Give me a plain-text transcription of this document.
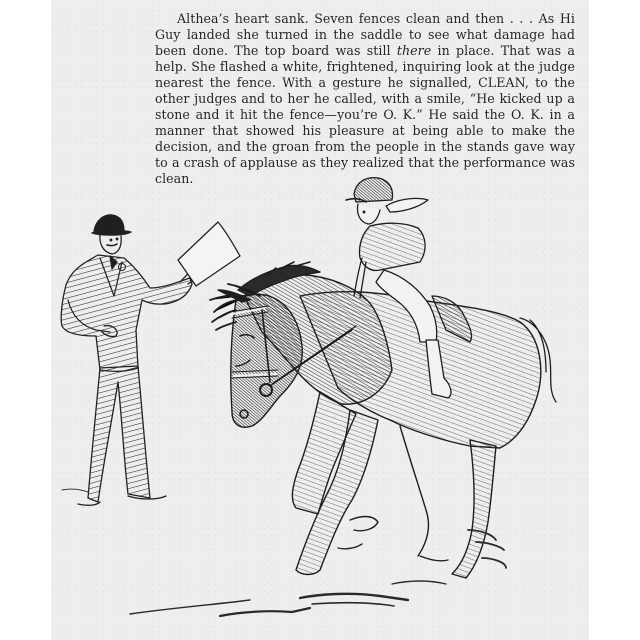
Althea’s heart sank. Seven fences clean and then . . . As Hi Guy landed she turned in the saddle to see what damage had been done. The top board was still there in place. That was a help. She flashed a white, frightened, inquiring look at the judge nearest the fence. With a gesture he signalled, CLEAN, to the other judges and to her he called, with a smile, “He kicked up a stone and it hit the fence—you’re O. K.” He said the O. K. in a manner that showed his pleasure at being able to make the decision, and the groan from the people in the stands gave way to a crash of applause as they realized that the performance was clean.
